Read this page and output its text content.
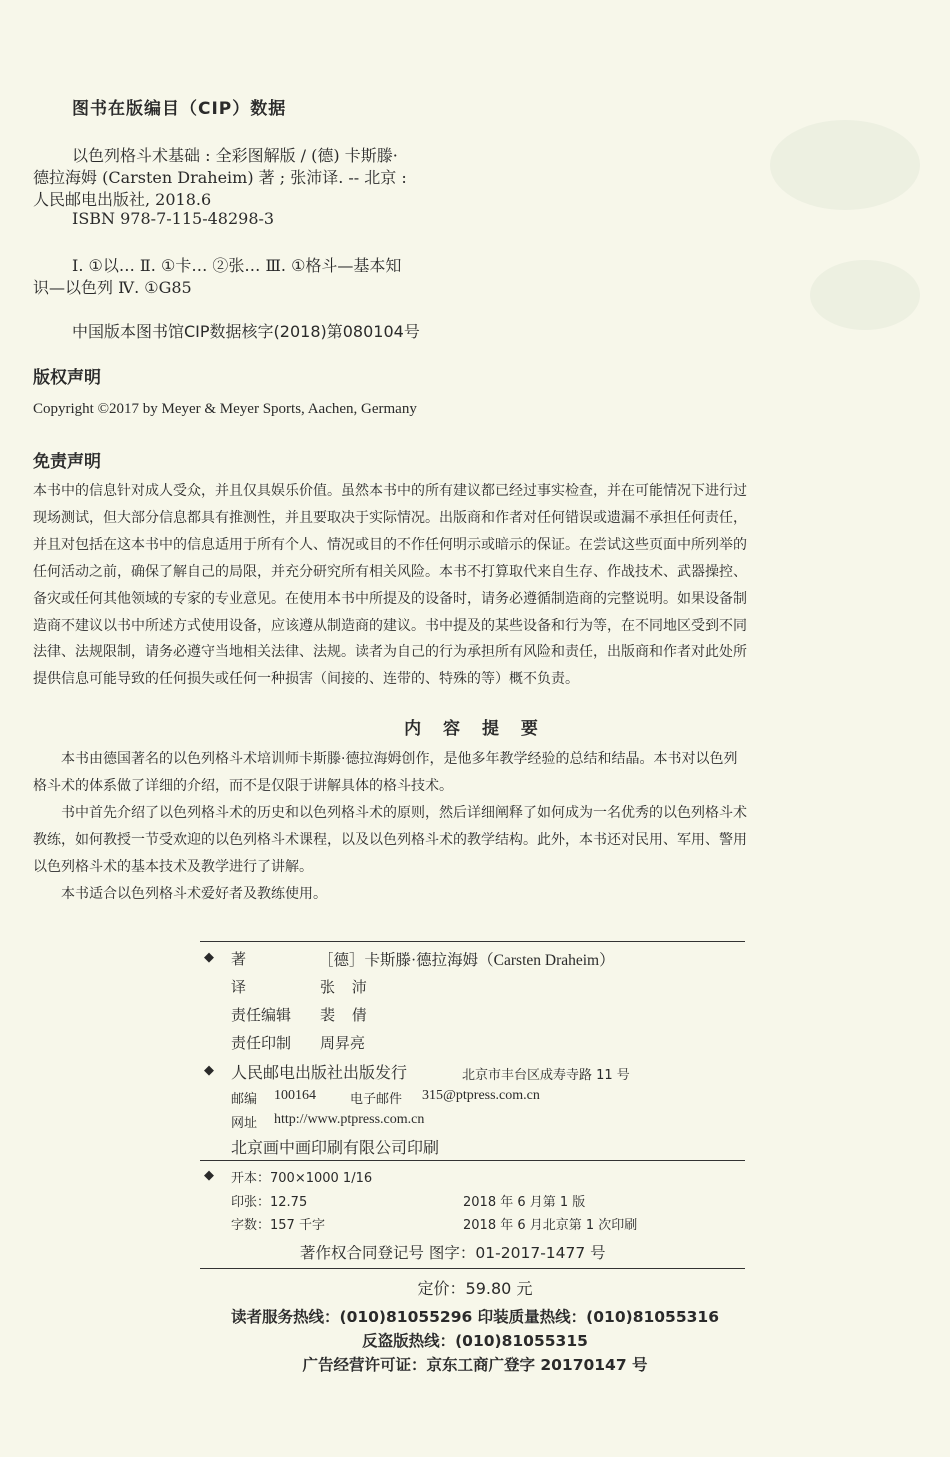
图书在版编目（CIP）数据
以色列格斗术基础 : 全彩图解版 / (德) 卡斯滕·
德拉海姆 (Carsten Draheim) 著 ; 张沛译. -- 北京 :
人民邮电出版社, 2018.6
ISBN 978-7-115-48298-3
Ⅰ. ①以… Ⅱ. ①卡… ②张… Ⅲ. ①格斗—基本知
识—以色列 Ⅳ. ①G85
中国版本图书馆CIP数据核字(2018)第080104号
版权声明
Copyright ©2017 by Meyer & Meyer Sports, Aachen, Germany
免责声明
本书中的信息针对成人受众，并且仅具娱乐价值。虽然本书中的所有建议都已经过事实检查，并在可能情况下进行过
现场测试，但大部分信息都具有推测性，并且要取决于实际情况。出版商和作者对任何错误或遗漏不承担任何责任，
并且对包括在这本书中的信息适用于所有个人、情况或目的不作任何明示或暗示的保证。在尝试这些页面中所列举的
任何活动之前，确保了解自己的局限，并充分研究所有相关风险。本书不打算取代来自生存、作战技术、武器操控、
备灾或任何其他领域的专家的专业意见。在使用本书中所提及的设备时，请务必遵循制造商的完整说明。如果设备制
造商不建议以书中所述方式使用设备，应该遵从制造商的建议。书中提及的某些设备和行为等，在不同地区受到不同
法律、法规限制，请务必遵守当地相关法律、法规。读者为自己的行为承担所有风险和责任，出版商和作者对此处所
提供信息可能导致的任何损失或任何一种损害（间接的、连带的、特殊的等）概不负责。
内 容 提 要
本书由德国著名的以色列格斗术培训师卡斯滕·德拉海姆创作，是他多年教学经验的总结和结晶。本书对以色列
格斗术的体系做了详细的介绍，而不是仅限于讲解具体的格斗技术。
书中首先介绍了以色列格斗术的历史和以色列格斗术的原则，然后详细阐释了如何成为一名优秀的以色列格斗术
教练，如何教授一节受欢迎的以色列格斗术课程，以及以色列格斗术的教学结构。此外，本书还对民用、军用、警用
以色列格斗术的基本技术及教学进行了讲解。
本书适合以色列格斗术爱好者及教练使用。
◆ 著	［德］卡斯滕·德拉海姆（Carsten Draheim）
译	张 沛
责任编辑 裴 倩
责任印制 周昇亮
◆ 人民邮电出版社出版发行	北京市丰台区成寿寺路 11 号
邮编 100164	电子邮件 315@ptpress.com.cn
网址 http://www.ptpress.com.cn
北京画中画印刷有限公司印刷
◆ 开本：700×1000 1/16
印张：12.75	2018 年 6 月第 1 版
字数：157 千字	2018 年 6 月北京第 1 次印刷
著作权合同登记号 图字：01-2017-1477 号
定价：59.80 元
读者服务热线：(010)81055296 印装质量热线：(010)81055316
反盗版热线：(010)81055315
广告经营许可证：京东工商广登字 20170147 号
